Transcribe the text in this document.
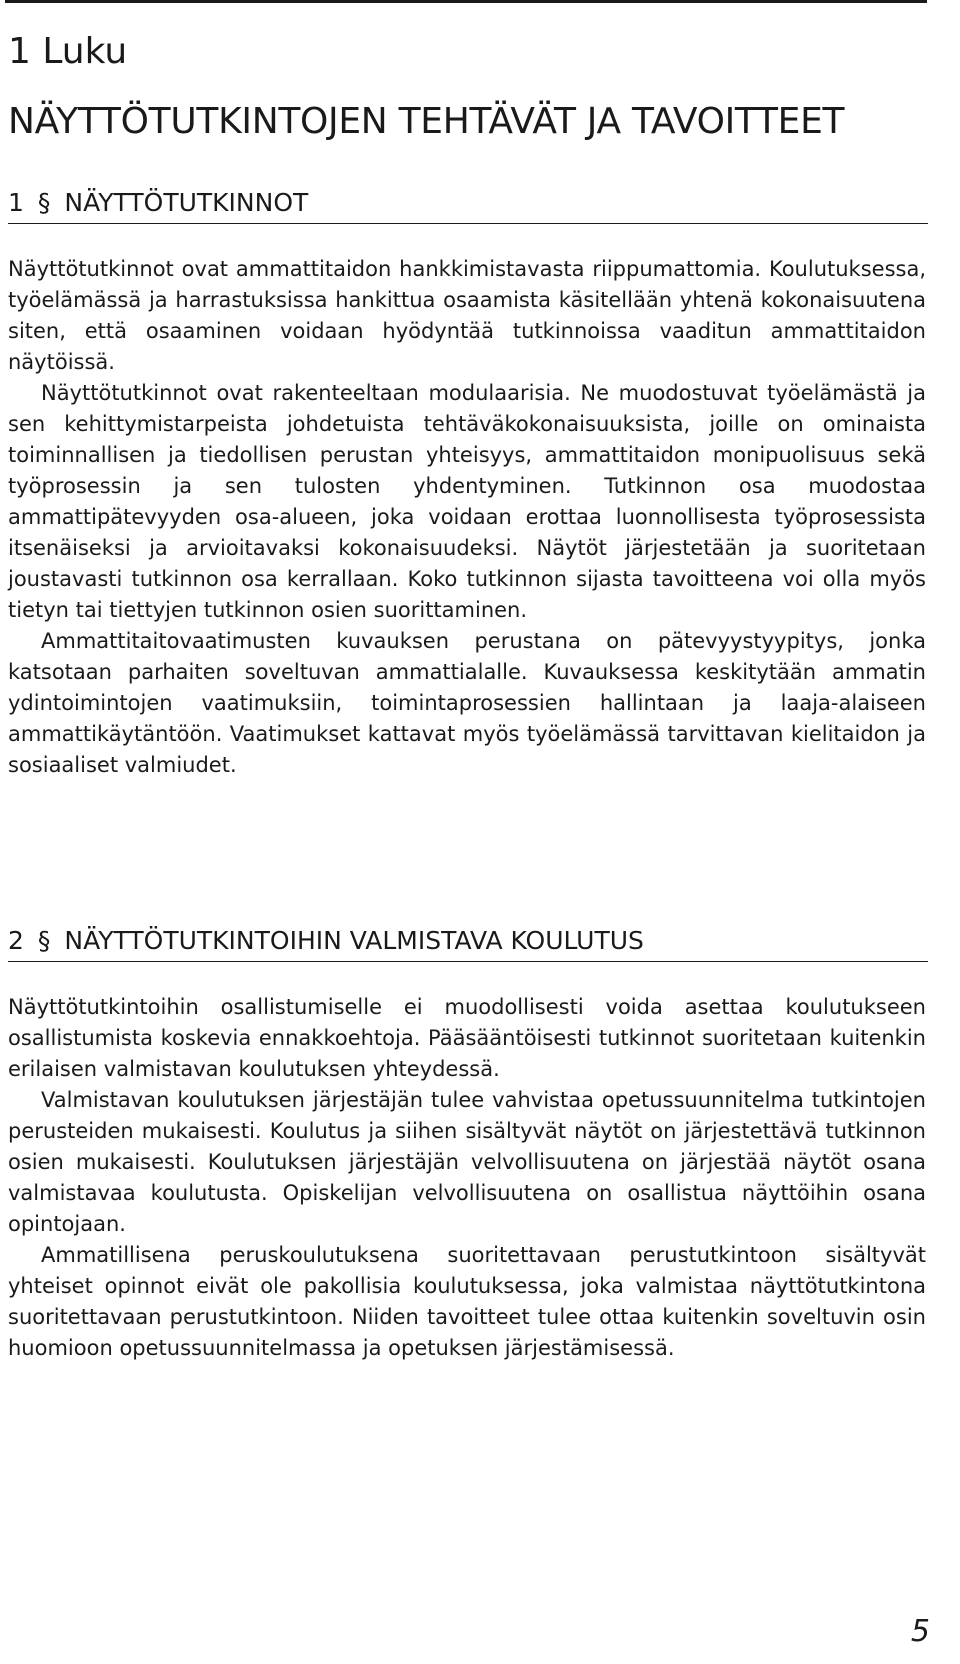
1 Luku
NÄYTTÖTUTKINTOJEN TEHTÄVÄT JA TAVOITTEET
1 § NÄYTTÖTUTKINNOT

Näyttötutkinnot ovat ammattitaidon hankkimistavasta riippumattomia. Koulutuksessa, työelämässä ja harrastuksissa hankittua osaamista käsitellään yhtenä kokonaisuutena siten, että osaaminen voidaan hyödyntää tutkinnoissa vaaditun ammattitaidon näytöissä.

Näyttötutkinnot ovat rakenteeltaan modulaarisia. Ne muodostuvat työelämästä ja sen kehittymistarpeista johdetuista tehtäväkokonaisuuksista, joille on ominaista toiminnallisen ja tiedollisen perustan yhteisyys, ammattitaidon monipuolisuus sekä työprosessin ja sen tulosten yhdentyminen. Tutkinnon osa muodostaa ammattipätevyyden osa-alueen, joka voidaan erottaa luonnollisesta työprosessista itsenäiseksi ja arvioitavaksi kokonaisuudeksi. Näytöt järjestetään ja suoritetaan joustavasti tutkinnon osa kerrallaan. Koko tutkinnon sijasta tavoitteena voi olla myös tietyn tai tiettyjen tutkinnon osien suorittaminen.

Ammattitaitovaatimusten kuvauksen perustana on pätevyystyypitys, jonka katsotaan parhaiten soveltuvan ammattialalle. Kuvauksessa keskitytään ammatin ydintoimintojen vaatimuksiin, toimintaprosessien hallintaan ja laaja-alaiseen ammattikäytäntöön. Vaatimukset kattavat myös työelämässä tarvittavan kielitaidon ja sosiaaliset valmiudet.

2 § NÄYTTÖTUTKINTOIHIN VALMISTAVA KOULUTUS

Näyttötutkintoihin osallistumiselle ei muodollisesti voida asettaa koulutukseen osallistumista koskevia ennakkoehtoja. Pääsääntöisesti tutkinnot suoritetaan kuitenkin erilaisen valmistavan koulutuksen yhteydessä.

Valmistavan koulutuksen järjestäjän tulee vahvistaa opetussuunnitelma tutkintojen perusteiden mukaisesti. Koulutus ja siihen sisältyvät näytöt on järjestettävä tutkinnon osien mukaisesti. Koulutuksen järjestäjän velvollisuutena on järjestää näytöt osana valmistavaa koulutusta. Opiskelijan velvollisuutena on osallistua näyttöihin osana opintojaan.

Ammatillisena peruskoulutuksena suoritettavaan perustutkintoon sisältyvät yhteiset opinnot eivät ole pakollisia koulutuksessa, joka valmistaa näyttötutkintona suoritettavaan perustutkintoon. Niiden tavoitteet tulee ottaa kuitenkin soveltuvin osin huomioon opetussuunnitelmassa ja opetuksen järjestämisessä.

5
